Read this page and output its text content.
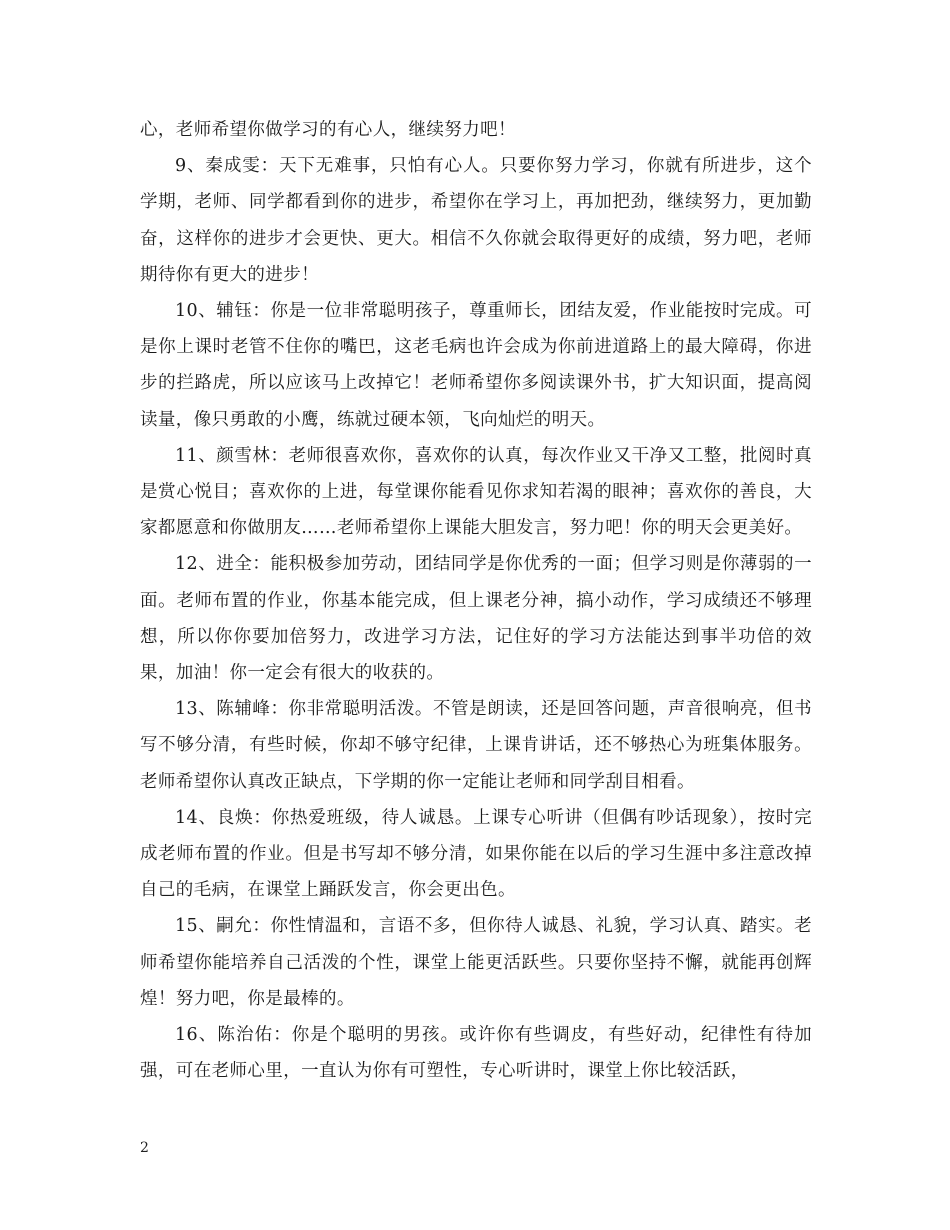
心，老师希望你做学习的有心人，继续努力吧！

9、秦成雯：天下无难事，只怕有心人。只要你努力学习，你就有所进步，这个学期，老师、同学都看到你的进步，希望你在学习上，再加把劲，继续努力，更加勤奋，这样你的进步才会更快、更大。相信不久你就会取得更好的成绩，努力吧，老师期待你有更大的进步！

10、辅钰：你是一位非常聪明孩子，尊重师长，团结友爱，作业能按时完成。可是你上课时老管不住你的嘴巴，这老毛病也许会成为你前进道路上的最大障碍，你进步的拦路虎，所以应该马上改掉它！老师希望你多阅读课外书，扩大知识面，提高阅读量，像只勇敢的小鹰，练就过硬本领，飞向灿烂的明天。

11、颜雪林：老师很喜欢你，喜欢你的认真，每次作业又干净又工整，批阅时真是赏心悦目；喜欢你的上进，每堂课你能看见你求知若渴的眼神；喜欢你的善良，大家都愿意和你做朋友……老师希望你上课能大胆发言，努力吧！你的明天会更美好。

12、进全：能积极参加劳动，团结同学是你优秀的一面；但学习则是你薄弱的一面。老师布置的作业，你基本能完成，但上课老分神，搞小动作，学习成绩还不够理想，所以你你要加倍努力，改进学习方法，记住好的学习方法能达到事半功倍的效果，加油！你一定会有很大的收获的。

13、陈辅峰：你非常聪明活泼。不管是朗读，还是回答问题，声音很响亮，但书写不够分清，有些时候，你却不够守纪律，上课肯讲话，还不够热心为班集体服务。老师希望你认真改正缺点，下学期的你一定能让老师和同学刮目相看。

14、良焕：你热爱班级，待人诚恳。上课专心听讲（但偶有吵话现象），按时完成老师布置的作业。但是书写却不够分清，如果你能在以后的学习生涯中多注意改掉自己的毛病，在课堂上踊跃发言，你会更出色。

15、嗣允：你性情温和，言语不多，但你待人诚恳、礼貌，学习认真、踏实。老师希望你能培养自己活泼的个性，课堂上能更活跃些。只要你坚持不懈，就能再创辉煌！努力吧，你是最棒的。

16、陈治佑：你是个聪明的男孩。或许你有些调皮，有些好动，纪律性有待加强，可在老师心里，一直认为你有可塑性，专心听讲时，课堂上你比较活跃，

2
